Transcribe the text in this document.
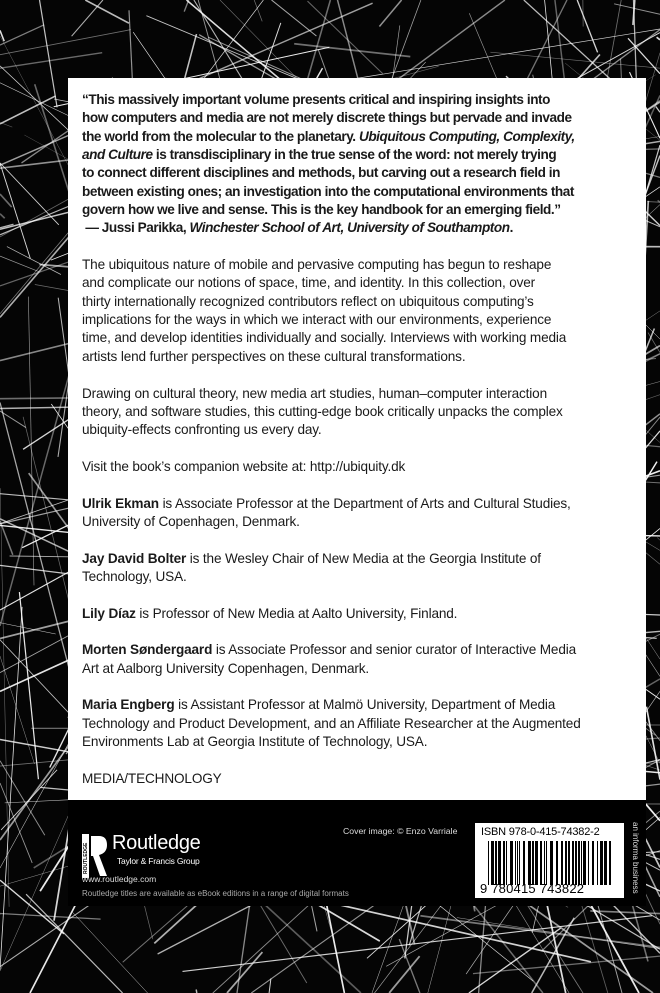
“This massively important volume presents critical and inspiring insights into
how computers and media are not merely discrete things but pervade and invade
the world from the molecular to the planetary. Ubiquitous Computing, Complexity,
and Culture is transdisciplinary in the true sense of the word: not merely trying
to connect different disciplines and methods, but carving out a research field in
between existing ones; an investigation into the computational environments that
govern how we live and sense. This is the key handbook for an emerging field.”
— Jussi Parikka, Winchester School of Art, University of Southampton.
The ubiquitous nature of mobile and pervasive computing has begun to reshape
and complicate our notions of space, time, and identity. In this collection, over
thirty internationally recognized contributors reflect on ubiquitous computing’s
implications for the ways in which we interact with our environments, experience
time, and develop identities individually and socially. Interviews with working media
artists lend further perspectives on these cultural transformations.
Drawing on cultural theory, new media art studies, human–computer interaction
theory, and software studies, this cutting-edge book critically unpacks the complex
ubiquity-effects confronting us every day.
Visit the book’s companion website at: http://ubiquity.dk
Ulrik Ekman is Associate Professor at the Department of Arts and Cultural Studies,
University of Copenhagen, Denmark.
Jay David Bolter is the Wesley Chair of New Media at the Georgia Institute of
Technology, USA.
Lily Díaz is Professor of New Media at Aalto University, Finland.
Morten Søndergaard is Associate Professor and senior curator of Interactive Media
Art at Aalborg University Copenhagen, Denmark.
Maria Engberg is Assistant Professor at Malmö University, Department of Media
Technology and Product Development, and an Affiliate Researcher at the Augmented
Environments Lab at Georgia Institute of Technology, USA.
MEDIA/TECHNOLOGY
ROUTLEDGE Routledge
Taylor & Francis Group
www.routledge.com
Routledge titles are available as eBook editions in a range of digital formats
Cover image: © Enzo Varriale ISBN 978-0-415-74382-2
9 780415 743822	an informa business
